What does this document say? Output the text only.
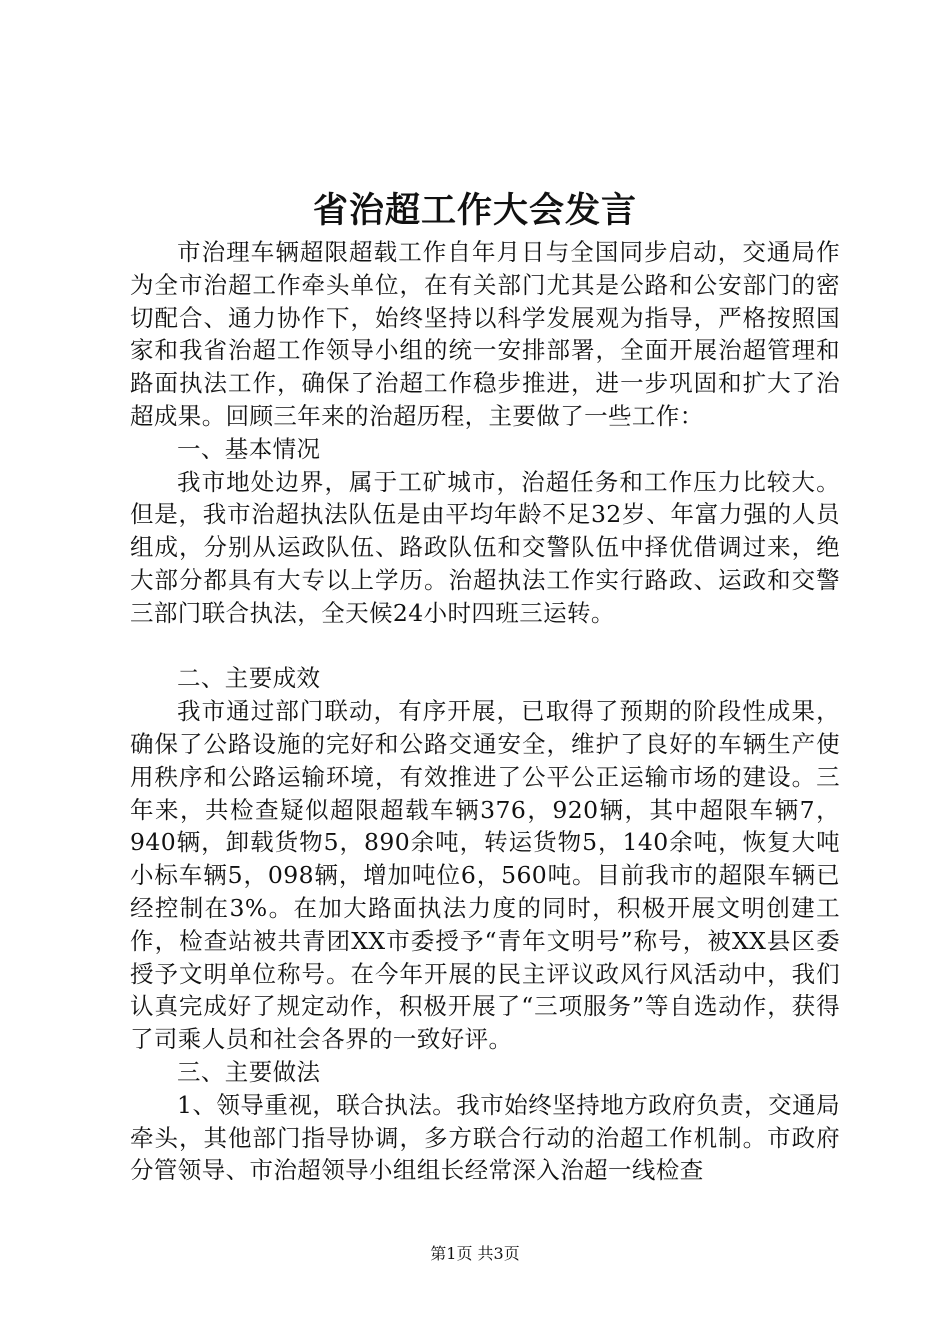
省治超工作大会发言

市治理车辆超限超载工作自年月日与全国同步启动，交通局作为全市治超工作牵头单位，在有关部门尤其是公路和公安部门的密切配合、通力协作下，始终坚持以科学发展观为指导，严格按照国家和我省治超工作领导小组的统一安排部署，全面开展治超管理和路面执法工作，确保了治超工作稳步推进，进一步巩固和扩大了治超成果。回顾三年来的治超历程，主要做了一些工作：

一、基本情况

我市地处边界，属于工矿城市，治超任务和工作压力比较大。但是，我市治超执法队伍是由平均年龄不足32岁、年富力强的人员组成，分别从运政队伍、路政队伍和交警队伍中择优借调过来，绝大部分都具有大专以上学历。治超执法工作实行路政、运政和交警三部门联合执法，全天候24小时四班三运转。

二、主要成效

我市通过部门联动，有序开展，已取得了预期的阶段性成果，确保了公路设施的完好和公路交通安全，维护了良好的车辆生产使用秩序和公路运输环境，有效推进了公平公正运输市场的建设。三年来，共检查疑似超限超载车辆376，920辆，其中超限车辆7，940辆，卸载货物5，890余吨，转运货物5，140余吨，恢复大吨小标车辆5，098辆，增加吨位6，560吨。目前我市的超限车辆已经控制在3%。在加大路面执法力度的同时，积极开展文明创建工作，检查站被共青团XX市委授予“青年文明号”称号，被XX县区委授予文明单位称号。在今年开展的民主评议政风行风活动中，我们认真完成好了规定动作，积极开展了“三项服务”等自选动作，获得了司乘人员和社会各界的一致好评。

三、主要做法

1、领导重视，联合执法。我市始终坚持地方政府负责，交通局牵头，其他部门指导协调，多方联合行动的治超工作机制。市政府分管领导、市治超领导小组组长经常深入治超一线检查

第1页 共3页
